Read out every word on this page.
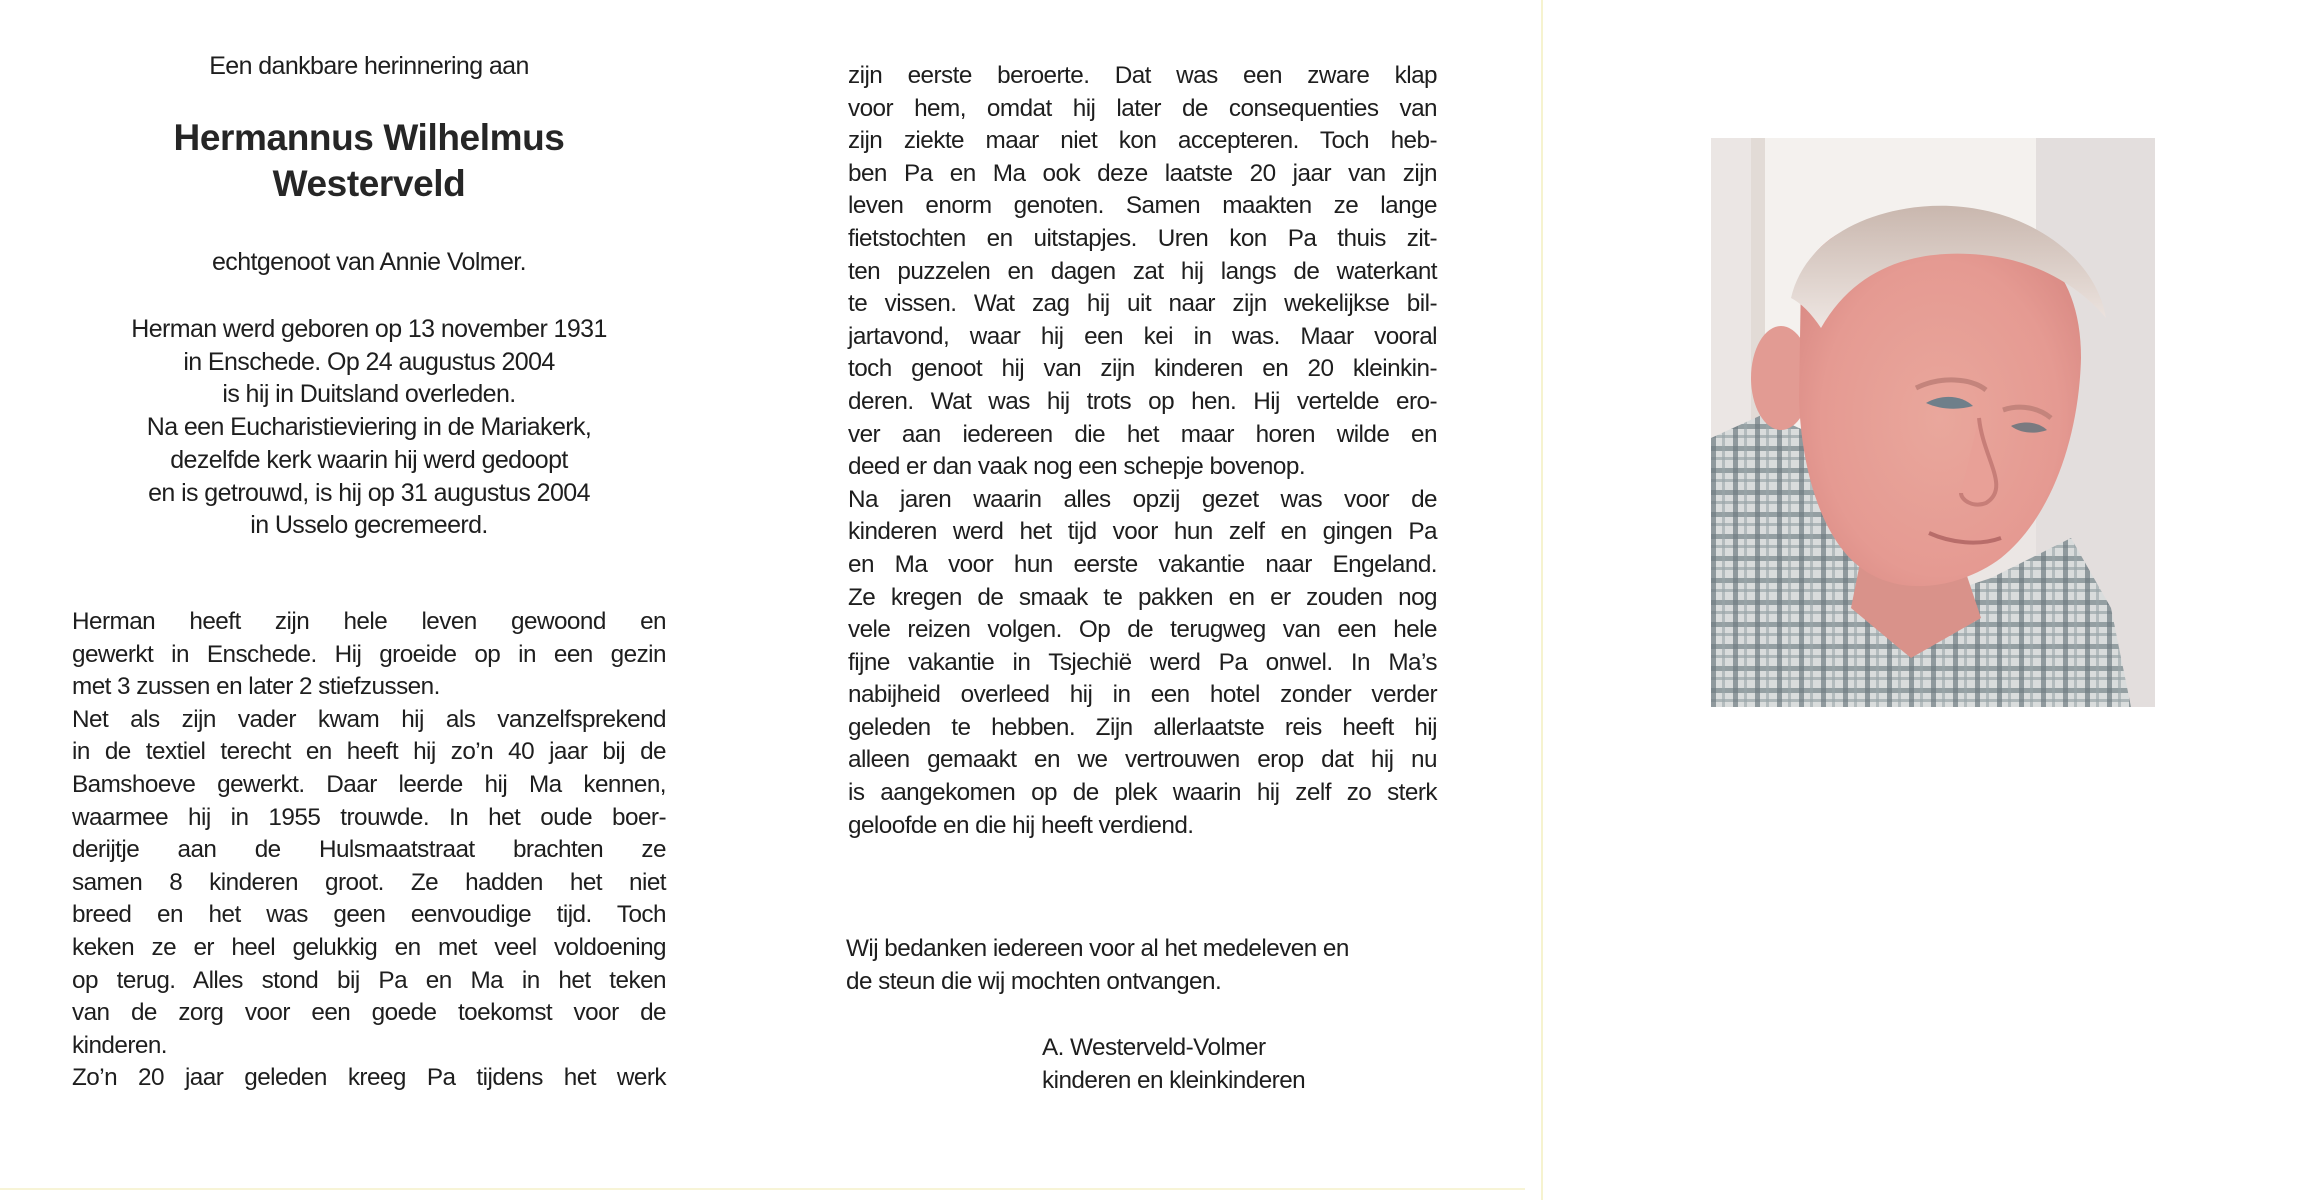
Een dankbare herinnering aan
Hermannus Wilhelmus
Westerveld
echtgenoot van Annie Volmer.
Herman werd geboren op 13 november 1931
in Enschede. Op 24 augustus 2004
is hij in Duitsland overleden.
Na een Eucharistieviering in de Mariakerk,
dezelfde kerk waarin hij werd gedoopt
en is getrouwd, is hij op 31 augustus 2004
in Usselo gecremeerd.
Herman heeft zijn hele leven gewoond en
gewerkt in Enschede. Hij groeide op in een gezin
met 3 zussen en later 2 stiefzussen.
Net als zijn vader kwam hij als vanzelfsprekend
in de textiel terecht en heeft hij zo’n 40 jaar bij de
Bamshoeve gewerkt. Daar leerde hij Ma kennen,
waarmee hij in 1955 trouwde. In het oude boer-
derijtje aan de Hulsmaatstraat brachten ze
samen 8 kinderen groot. Ze hadden het niet
breed en het was geen eenvoudige tijd. Toch
keken ze er heel gelukkig en met veel voldoening
op terug. Alles stond bij Pa en Ma in het teken
van de zorg voor een goede toekomst voor de
kinderen.
Zo’n 20 jaar geleden kreeg Pa tijdens het werk
zijn eerste beroerte. Dat was een zware klap
voor hem, omdat hij later de consequenties van
zijn ziekte maar niet kon accepteren. Toch heb-
ben Pa en Ma ook deze laatste 20 jaar van zijn
leven enorm genoten. Samen maakten ze lange
fietstochten en uitstapjes. Uren kon Pa thuis zit-
ten puzzelen en dagen zat hij langs de waterkant
te vissen. Wat zag hij uit naar zijn wekelijkse bil-
jartavond, waar hij een kei in was. Maar vooral
toch genoot hij van zijn kinderen en 20 kleinkin-
deren. Wat was hij trots op hen. Hij vertelde ero-
ver aan iedereen die het maar horen wilde en
deed er dan vaak nog een schepje bovenop.
Na jaren waarin alles opzij gezet was voor de
kinderen werd het tijd voor hun zelf en gingen Pa
en Ma voor hun eerste vakantie naar Engeland.
Ze kregen de smaak te pakken en er zouden nog
vele reizen volgen. Op de terugweg van een hele
fijne vakantie in Tsjechië werd Pa onwel. In Ma’s
nabijheid overleed hij in een hotel zonder verder
geleden te hebben. Zijn allerlaatste reis heeft hij
alleen gemaakt en we vertrouwen erop dat hij nu
is aangekomen op de plek waarin hij zelf zo sterk
geloofde en die hij heeft verdiend.
Wij bedanken iedereen voor al het medeleven en
de steun die wij mochten ontvangen.
A. Westerveld-Volmer
kinderen en kleinkinderen
